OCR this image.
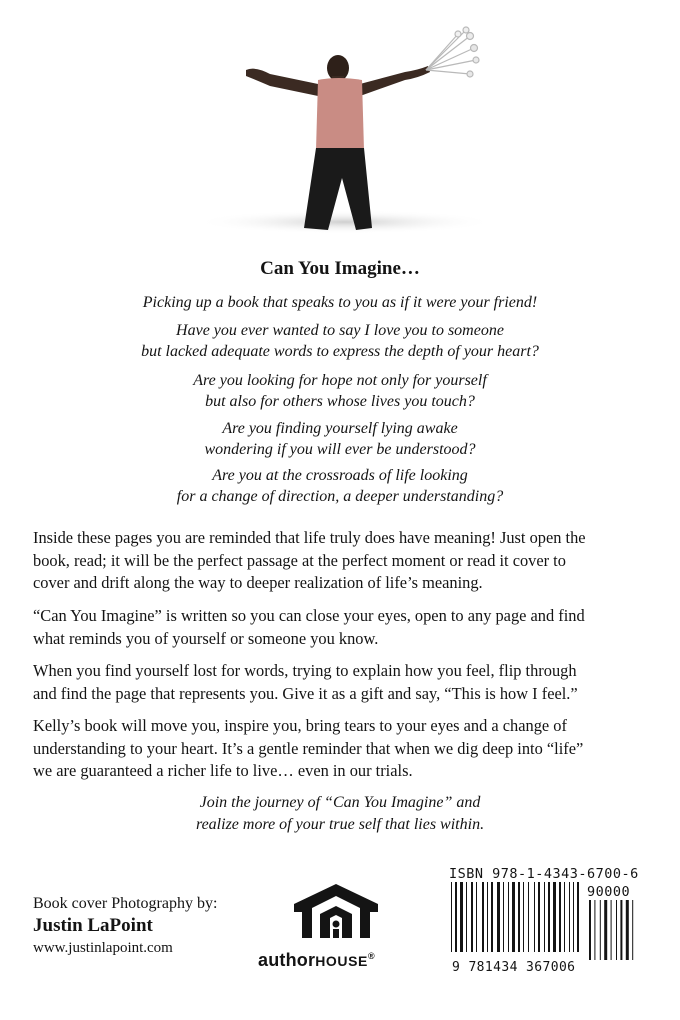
Can You Imagine…
Picking up a book that speaks to you as if it were your friend!
Have you ever wanted to say I love you to someone
but lacked adequate words to express the depth of your heart?
Are you looking for hope not only for yourself
but also for others whose lives you touch?
Are you finding yourself lying awake
wondering if you will ever be understood?
Are you at the crossroads of life looking
for a change of direction, a deeper understanding?
Inside these pages you are reminded that life truly does have meaning! Just open the
book, read; it will be the perfect passage at the perfect moment or read it cover to
cover and drift along the way to deeper realization of life’s meaning.
“Can You Imagine” is written so you can close your eyes, open to any page and find
what reminds you of yourself or someone you know.
When you find yourself lost for words, trying to explain how you feel, flip through
and find the page that represents you. Give it as a gift and say, “This is how I feel.”
Kelly’s book will move you, inspire you, bring tears to your eyes and a change of
understanding to your heart. It’s a gentle reminder that when we dig deep into “life”
we are guaranteed a richer life to live… even in our trials.
Join the journey of “Can You Imagine” and
realize more of your true self that lies within.
Book cover Photography by:
Justin LaPoint
www.justinlapoint.com
authorHOUSE®
ISBN 978-1-4343-6700-6
90000
9 781434 367006
